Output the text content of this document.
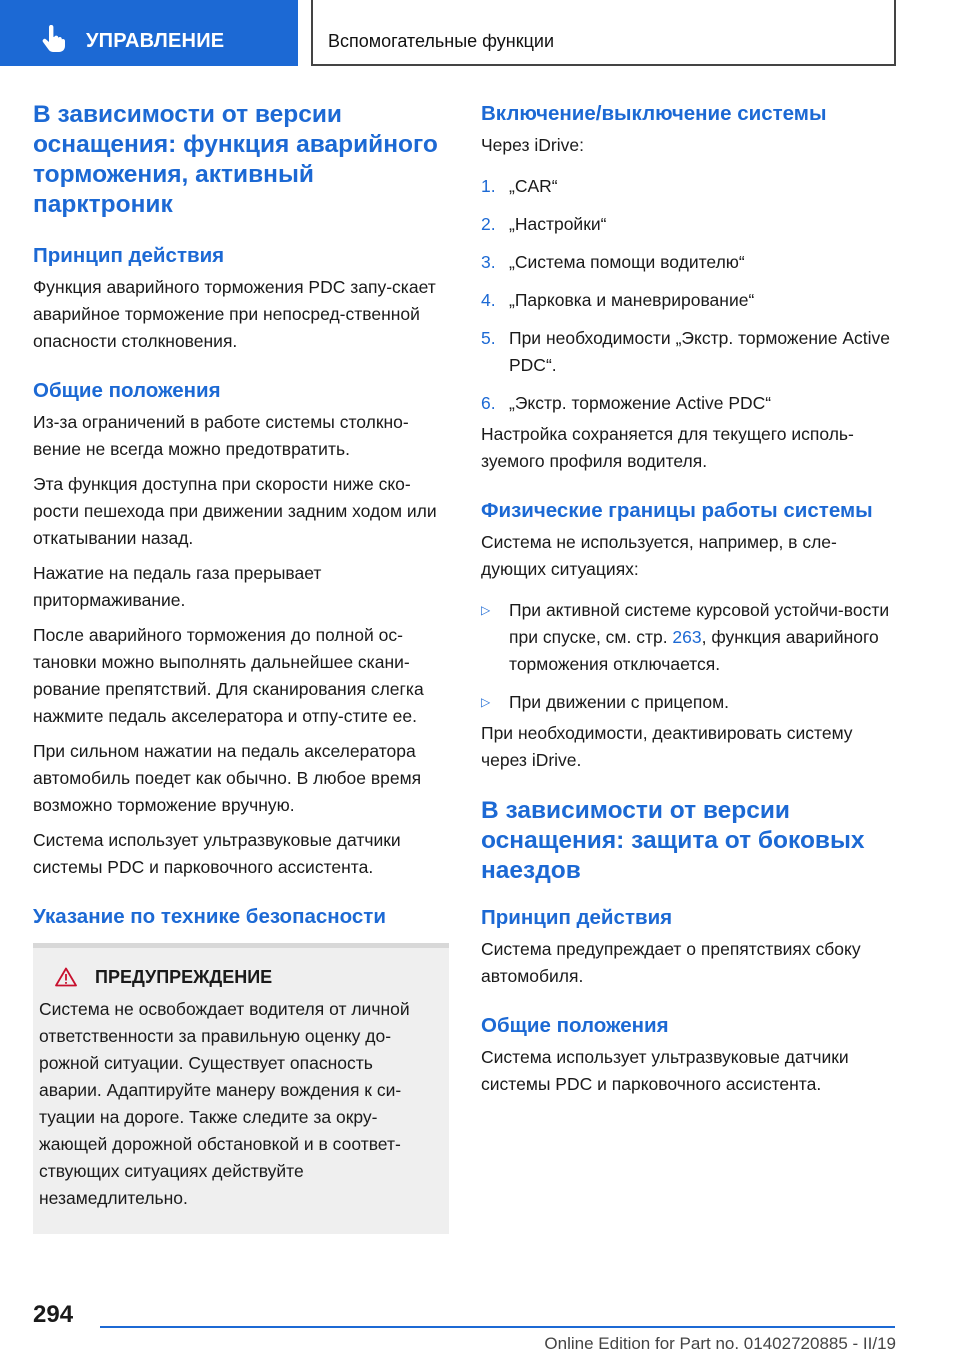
УПРАВЛЕНИЕ	Вспомогательные функции
В зависимости от версии оснащения: функция аварийного торможения, активный парктроник
Принцип действия
Функция аварийного торможения PDC запу-скает аварийное торможение при непосред-ственной опасности столкновения.
Общие положения
Из-за ограничений в работе системы столкно-вение не всегда можно предотвратить.
Эта функция доступна при скорости ниже ско-рости пешехода при движении задним ходом или откатывании назад.
Нажатие на педаль газа прерывает притормаживание.
После аварийного торможения до полной ос-тановки можно выполнять дальнейшее скани-рование препятствий. Для сканирования слегка нажмите педаль акселератора и отпу-стите ее.
При сильном нажатии на педаль акселератора автомобиль поедет как обычно. В любое время возможно торможение вручную.
Система использует ультразвуковые датчики системы PDC и парковочного ассистента.
Указание по технике безопасности
ПРЕДУПРЕЖДЕНИЕ
Система не освобождает водителя от личной ответственности за правильную оценку до-рожной ситуации. Существует опасность аварии. Адаптируйте манеру вождения к си-туации на дороге. Также следите за окру-жающей дорожной обстановкой и в соответ-ствующих ситуациях действуйте незамедлительно.
Включение/выключение системы
Через iDrive:
1. „CAR“
2. „Настройки“
3. „Система помощи водителю“
4. „Парковка и маневрирование“
5. При необходимости „Экстр. торможение Active PDC“.
6. „Экстр. торможение Active PDC“
Настройка сохраняется для текущего исполь-зуемого профиля водителя.
Физические границы работы системы
Система не используется, например, в сле-дующих ситуациях:
▷	При активной системе курсовой устойчи-вости при спуске, см. стр. 263, функция аварийного торможения отключается.
▷	При движении с прицепом.
При необходимости, деактивировать систему через iDrive.
В зависимости от версии оснащения: защита от боковых наездов
Принцип действия
Система предупреждает о препятствиях сбоку автомобиля.
Общие положения
Система использует ультразвуковые датчики системы PDC и парковочного ассистента.
294
Online Edition for Part no. 01402720885 - II/19
